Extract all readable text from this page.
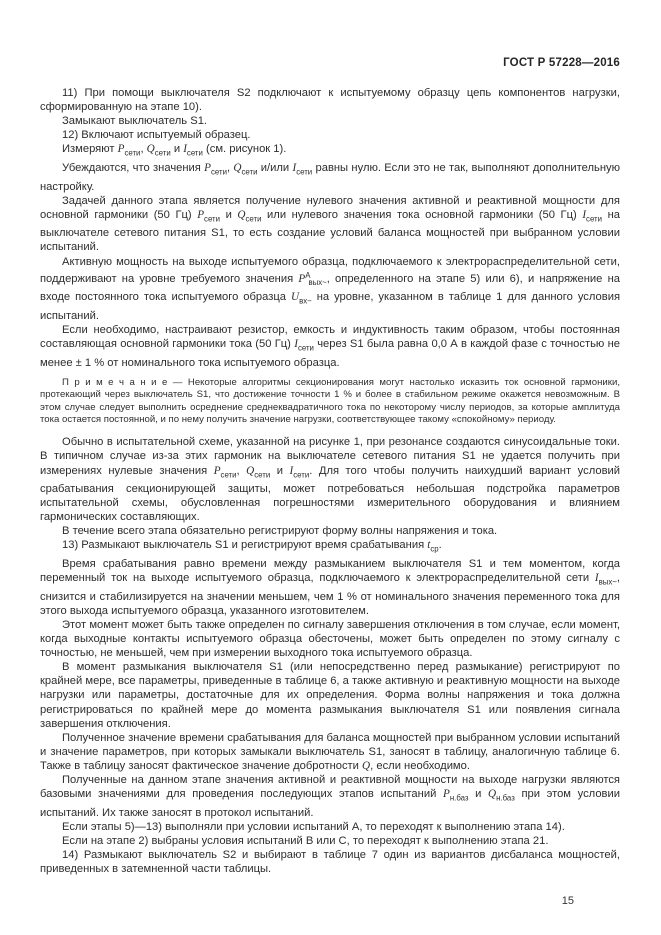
ГОСТ Р 57228—2016

11) При помощи выключателя S2 подключают к испытуемому образцу цепь компонентов нагрузки, сформированную на этапе 10).

Замыкают выключатель S1.

12) Включают испытуемый образец.

Измеряют $P_{сети}$, $Q_{сети}$ и $I_{сети}$ (см. рисунок 1).

Убеждаются, что значения $P_{сети}$, $Q_{сети}$ и/или $I_{сети}$ равны нулю. Если это не так, выполняют дополнительную настройку.

Задачей данного этапа является получение нулевого значения активной и реактивной мощности для основной гармоники (50 Гц) $P_{сети}$ и $Q_{сети}$ или нулевого значения тока основной гармоники (50 Гц) $I_{сети}$ на выключателе сетевого питания S1, то есть создание условий баланса мощностей при выбранном условии испытаний.

Активную мощность на выходе испытуемого образца, подключаемого к электрораспределительной сети, поддерживают на уровне требуемого значения $P^А_{вых\sim}$, определенного на этапе 5) или 6), и напряжение на входе постоянного тока испытуемого образца $U_{вх-}$ на уровне, указанном в таблице 1 для данного условия испытаний.

Если необходимо, настраивают резистор, емкость и индуктивность таким образом, чтобы постоянная составляющая основной гармоники тока (50 Гц) $I_{сети}$ через S1 была равна 0,0 А в каждой фазе с точностью не менее ± 1 % от номинального тока испытуемого образца.

П р и м е ч а н и е — Некоторые алгоритмы секционирования могут настолько исказить ток основной гармоники, протекающий через выключатель S1, что достижение точности 1 % и более в стабильном режиме окажется невозможным. В этом случае следует выполнить осреднение среднеквадратичного тока по некоторому числу периодов, за которые амплитуда тока остается постоянной, и по нему получить значение нагрузки, соответствующее такому «спокойному» периоду.

Обычно в испытательной схеме, указанной на рисунке 1, при резонансе создаются синусоидальные токи. В типичном случае из-за этих гармоник на выключателе сетевого питания S1 не удается получить при измерениях нулевые значения $P_{сети}$, $Q_{сети}$ и $I_{сети}$. Для того чтобы получить наихудший вариант условий срабатывания секционирующей защиты, может потребоваться небольшая подстройка параметров испытательной схемы, обусловленная погрешностями измерительного оборудования и влиянием гармонических составляющих.

В течение всего этапа обязательно регистрируют форму волны напряжения и тока.

13) Размыкают выключатель S1 и регистрируют время срабатывания $t_{ср}$.

Время срабатывания равно времени между размыканием выключателя S1 и тем моментом, когда переменный ток на выходе испытуемого образца, подключаемого к электрораспределительной сети $I_{вых\sim}$, снизится и стабилизируется на значении меньшем, чем 1 % от номинального значения переменного тока для этого выхода испытуемого образца, указанного изготовителем.

Этот момент может быть также определен по сигналу завершения отключения в том случае, если момент, когда выходные контакты испытуемого образца обесточены, может быть определен по этому сигналу с точностью, не меньшей, чем при измерении выходного тока испытуемого образца.

В момент размыкания выключателя S1 (или непосредственно перед размыкание) регистрируют по крайней мере, все параметры, приведенные в таблице 6, а также активную и реактивную мощности на выходе нагрузки или параметры, достаточные для их определения. Форма волны напряжения и тока должна регистрироваться по крайней мере до момента размыкания выключателя S1 или появления сигнала завершения отключения.

Полученное значение времени срабатывания для баланса мощностей при выбранном условии испытаний и значение параметров, при которых замыкали выключатель S1, заносят в таблицу, аналогичную таблице 6. Также в таблицу заносят фактическое значение добротности Q, если необходимо.

Полученные на данном этапе значения активной и реактивной мощности на выходе нагрузки являются базовыми значениями для проведения последующих этапов испытаний $P_{н.баз}$ и $Q_{н.баз}$ при этом условии испытаний. Их также заносят в протокол испытаний.

Если этапы 5)—13) выполняли при условии испытаний А, то переходят к выполнению этапа 14).

Если на этапе 2) выбраны условия испытаний В или С, то переходят к выполнению этапа 21.

14) Размыкают выключатель S2 и выбирают в таблице 7 один из вариантов дисбаланса мощностей, приведенных в затемненной части таблицы.

15
